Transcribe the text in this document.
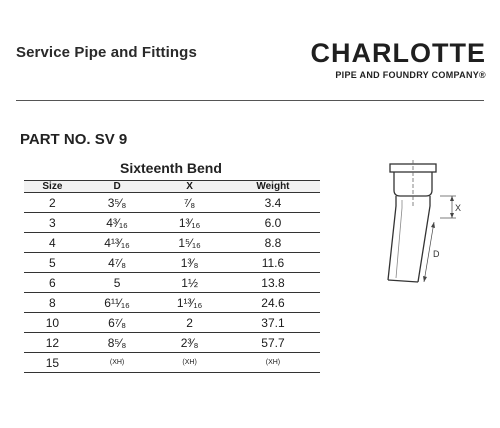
Service Pipe and Fittings	CHARLOTTE
PIPE AND FOUNDRY COMPANY®
PART NO. SV 9
Sixteenth Bend
Size	D	X	Weight
2	3⁵⁄₈	⁷⁄₈	3.4
3	4³⁄₁₆	1³⁄₁₆	6.0
4	4¹³⁄₁₆	1⁵⁄₁₆	8.8
5	4⁷⁄₈	1³⁄₈	11.6
6	5	1½	13.8
8	6¹¹⁄₁₆	1¹³⁄₁₆	24.6
10	6⁷⁄₈	2	37.1
12	8⁵⁄₈	2³⁄₈	57.7
15	(XH)	(XH)	(XH)
X
D
